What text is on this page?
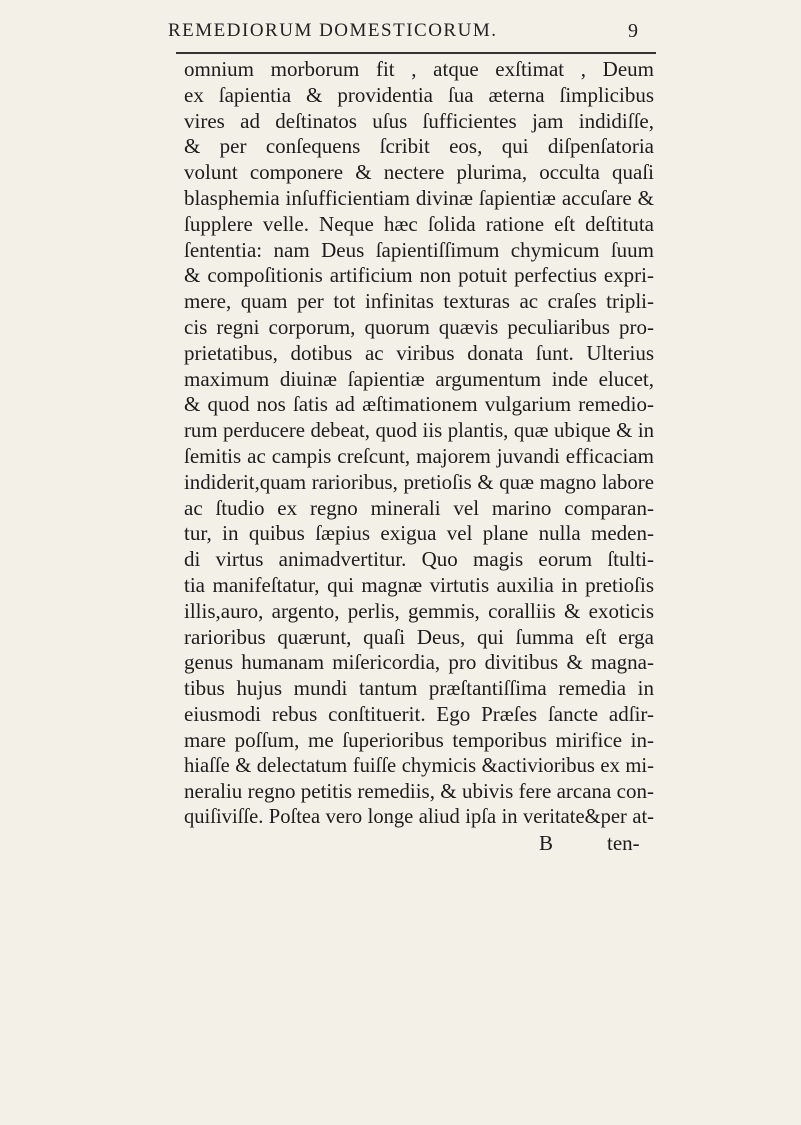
REMEDIORUM DOMESTICORUM.	9
omnium morborum fit , atque exſtimat , Deum
ex ſapientia & providentia ſua æterna ſimplicibus
vires ad deſtinatos uſus ſufficientes jam indidiſſe,
& per conſequens ſcribit eos, qui diſpenſatoria
volunt componere & nectere plurima, occulta quaſi
blasphemia inſufficientiam divinæ ſapientiæ accuſare &
ſupplere velle. Neque hæc ſolida ratione eſt deſtituta
ſententia: nam Deus ſapientiſſimum chymicum ſuum
& compoſitionis artificium non potuit perfectius expri-
mere, quam per tot infinitas texturas ac craſes tripli-
cis regni corporum, quorum quævis peculiaribus pro-
prietatibus, dotibus ac viribus donata ſunt. Ulterius
maximum diuinæ ſapientiæ argumentum inde elucet,
& quod nos ſatis ad æſtimationem vulgarium remedio-
rum perducere debeat, quod iis plantis, quæ ubique & in
ſemitis ac campis creſcunt, majorem juvandi efficaciam
indiderit,quam rarioribus, pretioſis & quæ magno labore
ac ſtudio ex regno minerali vel marino comparan-
tur, in quibus ſæpius exigua vel plane nulla meden-
di virtus animadvertitur. Quo magis eorum ſtulti-
tia manifeſtatur, qui magnæ virtutis auxilia in pretioſis
illis,auro, argento, perlis, gemmis, coralliis & exoticis
rarioribus quærunt, quaſi Deus, qui ſumma eſt erga
genus humanam miſericordia, pro divitibus & magna-
tibus hujus mundi tantum præſtantiſſima remedia in
eiusmodi rebus conſtituerit. Ego Præſes ſancte adſir-
mare poſſum, me ſuperioribus temporibus mirifice in-
hiaſſe & delectatum fuiſſe chymicis &activioribus ex mi-
neraliu regno petitis remediis, & ubivis fere arcana con-
quiſiviſſe. Poſtea vero longe aliud ipſa in veritate&per at-
B	ten-
